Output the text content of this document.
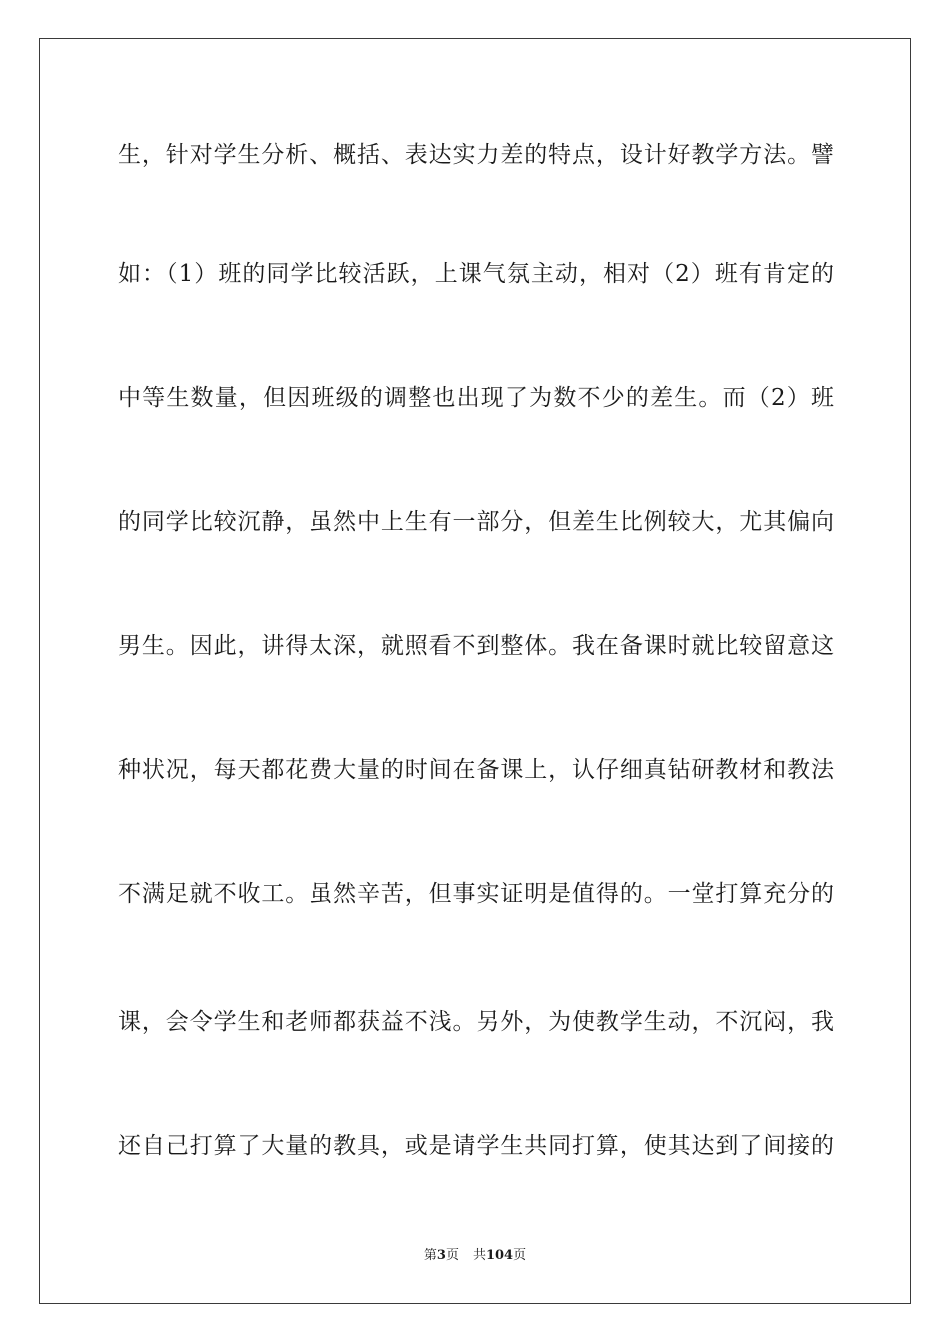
生，针对学生分析、概括、表达实力差的特点，设计好教学方法。譬
如：（1）班的同学比较活跃，上课气氛主动，相对（2）班有肯定的
中等生数量，但因班级的调整也出现了为数不少的差生。而（2）班
的同学比较沉静，虽然中上生有一部分，但差生比例较大，尤其偏向
男生。因此，讲得太深，就照看不到整体。我在备课时就比较留意这
种状况，每天都花费大量的时间在备课上，认仔细真钻研教材和教法
不满足就不收工。虽然辛苦，但事实证明是值得的。一堂打算充分的
课，会令学生和老师都获益不浅。另外，为使教学生动，不沉闷，我
还自己打算了大量的教具，或是请学生共同打算，使其达到了间接的
第3页 共104页
